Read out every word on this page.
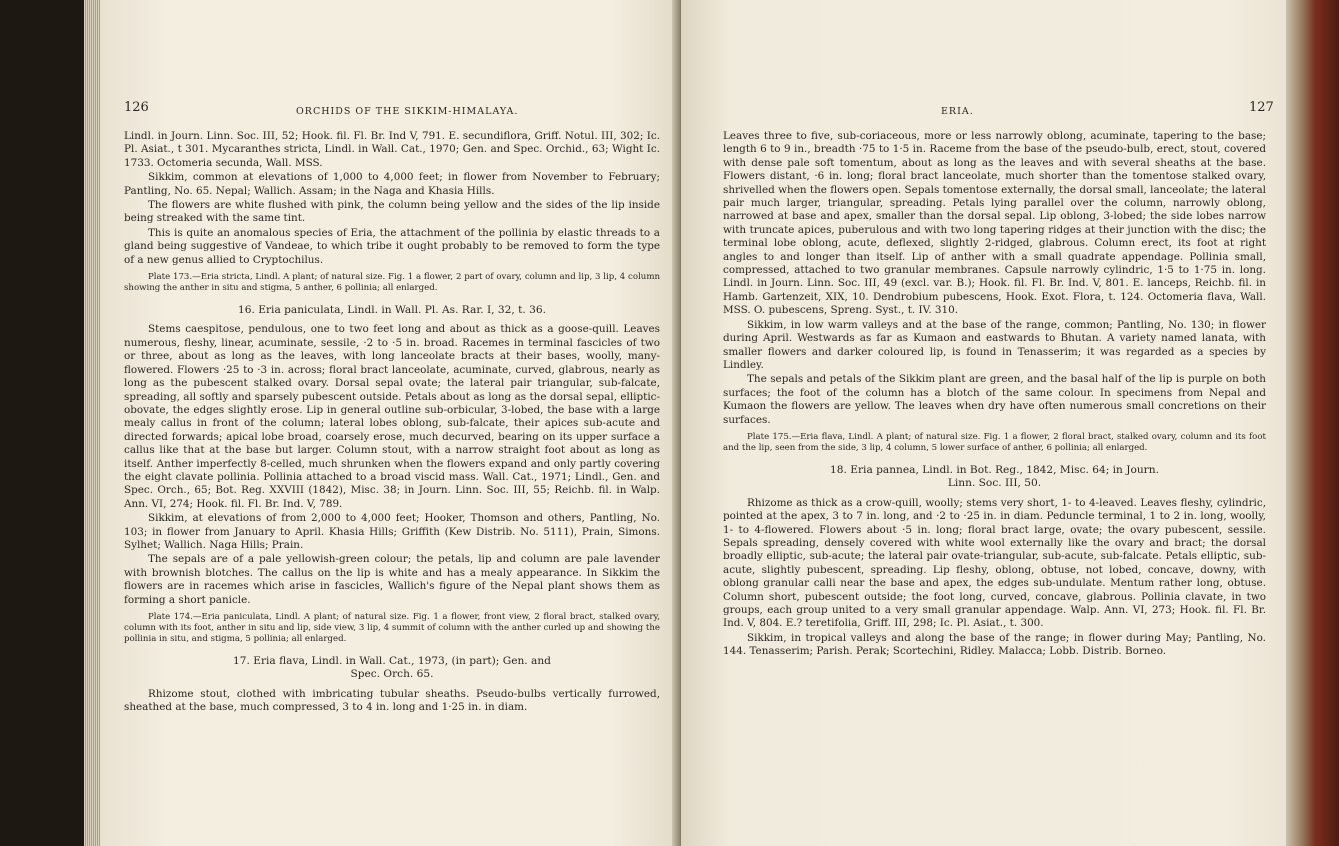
126	ORCHIDS OF THE SIKKIM-HIMALAYA.

Lindl. in Journ. Linn. Soc. III, 52; Hook. fil. Fl. Br. Ind V, 791. E. secundiflora, Griff. Notul. III, 302; Ic. Pl. Asiat., t 301. Mycaranthes stricta, Lindl. in Wall. Cat., 1970; Gen. and Spec. Orchid., 63; Wight Ic. 1733. Octomeria secunda, Wall. MSS.

Sikkim, common at elevations of 1,000 to 4,000 feet; in flower from November to February; Pantling, No. 65. Nepal; Wallich. Assam; in the Naga and Khasia Hills.

The flowers are white flushed with pink, the column being yellow and the sides of the lip inside being streaked with the same tint.

This is quite an anomalous species of Eria, the attachment of the pollinia by elastic threads to a gland being suggestive of Vandeae, to which tribe it ought probably to be removed to form the type of a new genus allied to Cryptochilus.

Plate 173.—Eria stricta, Lindl. A plant; of natural size. Fig. 1 a flower, 2 part of ovary, column and lip, 3 lip, 4 column showing the anther in situ and stigma, 5 anther, 6 pollinia; all enlarged.

16. Eria paniculata, Lindl. in Wall. Pl. As. Rar. I, 32, t. 36.

Stems caespitose, pendulous, one to two feet long and about as thick as a goose-quill. Leaves numerous, fleshy, linear, acuminate, sessile, ·2 to ·5 in. broad. Racemes in terminal fascicles of two or three, about as long as the leaves, with long lanceolate bracts at their bases, woolly, many-flowered. Flowers ·25 to ·3 in. across; floral bract lanceolate, acuminate, curved, glabrous, nearly as long as the pubescent stalked ovary. Dorsal sepal ovate; the lateral pair triangular, sub-falcate, spreading, all softly and sparsely pubescent outside. Petals about as long as the dorsal sepal, elliptic-obovate, the edges slightly erose. Lip in general outline sub-orbicular, 3-lobed, the base with a large mealy callus in front of the column; lateral lobes oblong, sub-falcate, their apices sub-acute and directed forwards; apical lobe broad, coarsely erose, much decurved, bearing on its upper surface a callus like that at the base but larger. Column stout, with a narrow straight foot about as long as itself. Anther imperfectly 8-celled, much shrunken when the flowers expand and only partly covering the eight clavate pollinia. Pollinia attached to a broad viscid mass. Wall. Cat., 1971; Lindl., Gen. and Spec. Orch., 65; Bot. Reg. XXVIII (1842), Misc. 38; in Journ. Linn. Soc. III, 55; Reichb. fil. in Walp. Ann. VI, 274; Hook. fil. Fl. Br. Ind. V, 789.

Sikkim, at elevations of from 2,000 to 4,000 feet; Hooker, Thomson and others, Pantling, No. 103; in flower from January to April. Khasia Hills; Griffith (Kew Distrib. No. 5111), Prain, Simons. Sylhet; Wallich. Naga Hills; Prain.

The sepals are of a pale yellowish-green colour; the petals, lip and column are pale lavender with brownish blotches. The callus on the lip is white and has a mealy appearance. In Sikkim the flowers are in racemes which arise in fascicles, Wallich's figure of the Nepal plant shows them as forming a short panicle.

Plate 174.—Eria paniculata, Lindl. A plant; of natural size. Fig. 1 a flower, front view, 2 floral bract, stalked ovary, column with its foot, anther in situ and lip, side view, 3 lip, 4 summit of column with the anther curled up and showing the pollinia in situ, and stigma, 5 pollinia; all enlarged.

17. Eria flava, Lindl. in Wall. Cat., 1973, (in part); Gen. and

Spec. Orch. 65.

Rhizome stout, clothed with imbricating tubular sheaths. Pseudo-bulbs vertically furrowed, sheathed at the base, much compressed, 3 to 4 in. long and 1·25 in. in diam.

ERIA.	127

Leaves three to five, sub-coriaceous, more or less narrowly oblong, acuminate, tapering to the base; length 6 to 9 in., breadth ·75 to 1·5 in. Raceme from the base of the pseudo-bulb, erect, stout, covered with dense pale soft tomentum, about as long as the leaves and with several sheaths at the base. Flowers distant, ·6 in. long; floral bract lanceolate, much shorter than the tomentose stalked ovary, shrivelled when the flowers open. Sepals tomentose externally, the dorsal small, lanceolate; the lateral pair much larger, triangular, spreading. Petals lying parallel over the column, narrowly oblong, narrowed at base and apex, smaller than the dorsal sepal. Lip oblong, 3-lobed; the side lobes narrow with truncate apices, puberulous and with two long tapering ridges at their junction with the disc; the terminal lobe oblong, acute, deflexed, slightly 2-ridged, glabrous. Column erect, its foot at right angles to and longer than itself. Lip of anther with a small quadrate appendage. Pollinia small, compressed, attached to two granular membranes. Capsule narrowly cylindric, 1·5 to 1·75 in. long. Lindl. in Journ. Linn. Soc. III, 49 (excl. var. B.); Hook. fil. Fl. Br. Ind. V, 801. E. lanceps, Reichb. fil. in Hamb. Gartenzeit, XIX, 10. Dendrobium pubescens, Hook. Exot. Flora, t. 124. Octomeria flava, Wall. MSS. O. pubescens, Spreng. Syst., t. IV. 310.

Sikkim, in low warm valleys and at the base of the range, common; Pantling, No. 130; in flower during April. Westwards as far as Kumaon and eastwards to Bhutan. A variety named lanata, with smaller flowers and darker coloured lip, is found in Tenasserim; it was regarded as a species by Lindley.

The sepals and petals of the Sikkim plant are green, and the basal half of the lip is purple on both surfaces; the foot of the column has a blotch of the same colour. In specimens from Nepal and Kumaon the flowers are yellow. The leaves when dry have often numerous small concretions on their surfaces.

Plate 175.—Eria flava, Lindl. A plant; of natural size. Fig. 1 a flower, 2 floral bract, stalked ovary, column and its foot and the lip, seen from the side, 3 lip, 4 column, 5 lower surface of anther, 6 pollinia; all enlarged.

18. Eria pannea, Lindl. in Bot. Reg., 1842, Misc. 64; in Journ.

Linn. Soc. III, 50.

Rhizome as thick as a crow-quill, woolly; stems very short, 1- to 4-leaved. Leaves fleshy, cylindric, pointed at the apex, 3 to 7 in. long, and ·2 to ·25 in. in diam. Peduncle terminal, 1 to 2 in. long, woolly, 1- to 4-flowered. Flowers about ·5 in. long; floral bract large, ovate; the ovary pubescent, sessile. Sepals spreading, densely covered with white wool externally like the ovary and bract; the dorsal broadly elliptic, sub-acute; the lateral pair ovate-triangular, sub-acute, sub-falcate. Petals elliptic, sub-acute, slightly pubescent, spreading. Lip fleshy, oblong, obtuse, not lobed, concave, downy, with oblong granular calli near the base and apex, the edges sub-undulate. Mentum rather long, obtuse. Column short, pubescent outside; the foot long, curved, concave, glabrous. Pollinia clavate, in two groups, each group united to a very small granular appendage. Walp. Ann. VI, 273; Hook. fil. Fl. Br. Ind. V, 804. E.? teretifolia, Griff. III, 298; Ic. Pl. Asiat., t. 300.

Sikkim, in tropical valleys and along the base of the range; in flower during May; Pantling, No. 144. Tenasserim; Parish. Perak; Scortechini, Ridley. Malacca; Lobb. Distrib. Borneo.
